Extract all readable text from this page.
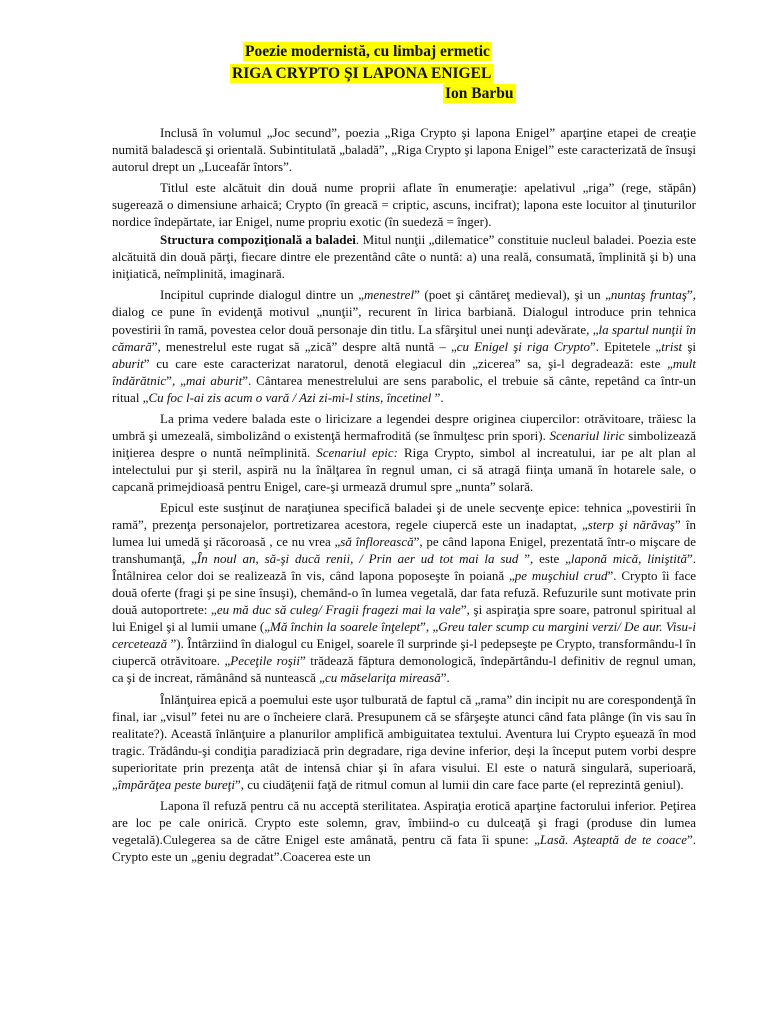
Poezie modernistă, cu limbaj ermetic
RIGA CRYPTO ŞI LAPONA ENIGEL
Ion Barbu

Inclusă în volumul „Joc secund”, poezia „Riga Crypto şi lapona Enigel” aparţine etapei de creaţie numită baladescă şi orientală. Subintitulată „baladă”, „Riga Crypto şi lapona Enigel” este caracterizată de însuşi autorul drept un „Luceafăr întors”.

Titlul este alcătuit din două nume proprii aflate în enumeraţie: apelativul „riga” (rege, stăpân) sugerează o dimensiune arhaică; Crypto (în greacă = criptic, ascuns, incifrat); lapona este locuitor al ţinuturilor nordice îndepărtate, iar Enigel, nume propriu exotic (în suedeză = înger).

Structura compoziţională a baladei. Mitul nunţii „dilematice” constituie nucleul baladei. Poezia este alcătuită din două părţi, fiecare dintre ele prezentând câte o nuntă: a) una reală, consumată, împlinită şi b) una iniţiatică, neîmplinită, imaginară.

Incipitul cuprinde dialogul dintre un „menestrel” (poet şi cântăreţ medieval), şi un „nuntaş fruntaş”, dialog ce pune în evidenţă motivul „nunţii”, recurent în lirica barbiană. Dialogul introduce prin tehnica povestirii în ramă, povestea celor două personaje din titlu. La sfârşitul unei nunţi adevărate, „la spartul nunţii în cămară”, menestrelul este rugat să „zică” despre altă nuntă – „cu Enigel şi riga Crypto”. Epitetele „trist şi aburit” cu care este caracterizat naratorul, denotă elegiacul din „zicerea” sa, şi-l degradează: este „mult îndărătnic”, „mai aburit”. Cântarea menestrelului are sens parabolic, el trebuie să cânte, repetând ca într-un ritual „Cu foc l-ai zis acum o vară / Azi zi-mi-l stins, încetinel ”.

La prima vedere balada este o liricizare a legendei despre originea ciupercilor: otrăvitoare, trăiesc la umbră şi umezeală, simbolizând o existenţă hermafrodită (se înmulţesc prin spori). Scenariul liric simbolizează iniţierea despre o nuntă neîmplinită. Scenariul epic: Riga Crypto, simbol al increatului, iar pe alt plan al intelectului pur şi steril, aspiră nu la înălţarea în regnul uman, ci să atragă fiinţa umană în hotarele sale, o capcană primejdioasă pentru Enigel, care-şi urmează drumul spre „nunta” solară.

Epicul este susţinut de naraţiunea specifică baladei şi de unele secvenţe epice: tehnica „povestirii în ramă”, prezenţa personajelor, portretizarea acestora, regele ciupercă este un inadaptat, „sterp şi nărăvaş” în lumea lui umedă şi răcoroasă , ce nu vrea „să înflorească”, pe când lapona Enigel, prezentată într-o mişcare de transhumanţă, „În noul an, să-şi ducă renii, / Prin aer ud tot mai la sud ”, este „laponă mică, liniştită”. Întâlnirea celor doi se realizează în vis, când lapona poposeşte în poiană „pe muşchiul crud”. Crypto îi face două oferte (fragi şi pe sine însuşi), chemând-o în lumea vegetală, dar fata refuză. Refuzurile sunt motivate prin două autoportrete: „eu mă duc să culeg/ Fragii fragezi mai la vale”, şi aspiraţia spre soare, patronul spiritual al lui Enigel şi al lumii umane („Mă închin la soarele înţelept”, „Greu taler scump cu margini verzi/ De aur. Visu-i cercetează ”). Întârziind în dialogul cu Enigel, soarele îl surprinde şi-l pedepseşte pe Crypto, transformându-l în ciupercă otrăvitoare. „Peceţile roşii” trădează făptura demonologică, îndepărtându-l definitiv de regnul uman, ca şi de increat, rămânând să nuntească „cu măselariţa mireasă”.

Înlănţuirea epică a poemului este uşor tulburată de faptul că „rama” din incipit nu are corespondenţă în final, iar „visul” fetei nu are o încheiere clară. Presupunem că se sfârşeşte atunci când fata plânge (în vis sau în realitate?). Această înlănţuire a planurilor amplifică ambiguitatea textului. Aventura lui Crypto eşuează în mod tragic. Trădându-şi condiţia paradiziacă prin degradare, riga devine inferior, deşi la început putem vorbi despre superioritate prin prezenţa atât de intensă chiar şi în afara visului. El este o natură singulară, superioară, „împărăţea peste bureţi”, cu ciudăţenii faţă de ritmul comun al lumii din care face parte (el reprezintă geniul).

Lapona îl refuză pentru că nu acceptă sterilitatea. Aspiraţia erotică aparţine factorului inferior. Peţirea are loc pe cale onirică. Crypto este solemn, grav, îmbiind-o cu dulceaţă şi fragi (produse din lumea vegetală).Culegerea sa de către Enigel este amânată, pentru că fata îi spune: „Lasă. Aşteaptă de te coace”. Crypto este un „geniu degradat”.Coacerea este un
